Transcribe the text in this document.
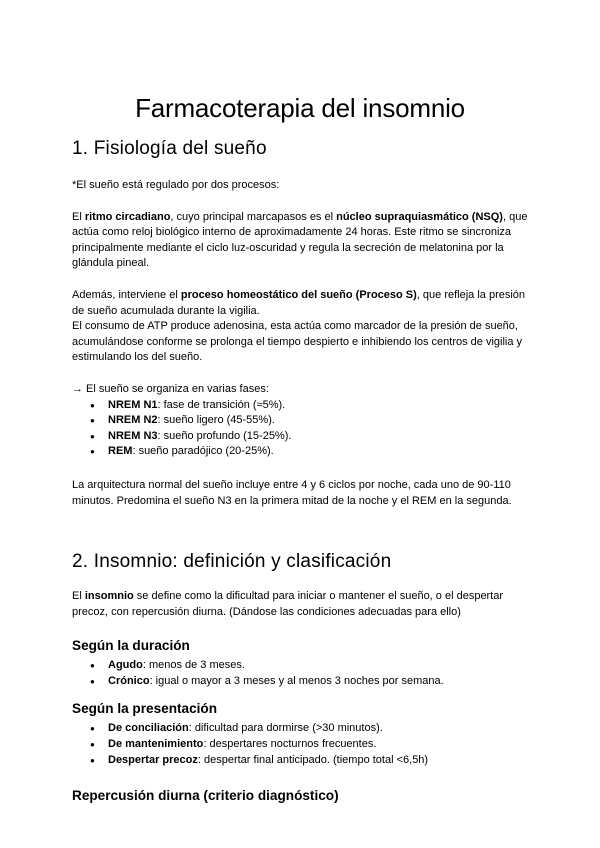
Farmacoterapia del insomnio
1. Fisiología del sueño

*El sueño está regulado por dos procesos:

El ritmo circadiano, cuyo principal marcapasos es el núcleo supraquiasmático (NSQ), que actúa como reloj biológico interno de aproximadamente 24 horas. Este ritmo se sincroniza principalmente mediante el ciclo luz-oscuridad y regula la secreción de melatonina por la glándula pineal.

Además, interviene el proceso homeostático del sueño (Proceso S), que refleja la presión de sueño acumulada durante la vigilia.

El consumo de ATP produce adenosina, esta actúa como marcador de la presión de sueño, acumulándose conforme se prolonga el tiempo despierto e inhibiendo los centros de vigilia y estimulando los del sueño.

→ El sueño se organiza en varias fases:

● NREM N1: fase de transición (≈5%).
● NREM N2: sueño ligero (45-55%).
● NREM N3: sueño profundo (15-25%).
● REM: sueño paradójico (20-25%).

La arquitectura normal del sueño incluye entre 4 y 6 ciclos por noche, cada uno de 90-110 minutos. Predomina el sueño N3 en la primera mitad de la noche y el REM en la segunda.

2. Insomnio: definición y clasificación

El insomnio se define como la dificultad para iniciar o mantener el sueño, o el despertar precoz, con repercusión diurna. (Dándose las condiciones adecuadas para ello)

Según la duración
● Agudo: menos de 3 meses.
● Crónico: igual o mayor a 3 meses y al menos 3 noches por semana.
Según la presentación
● De conciliación: dificultad para dormirse (>30 minutos).
● De mantenimiento: despertares nocturnos frecuentes.
● Despertar precoz: despertar final anticipado. (tiempo total <6,5h)
Repercusión diurna (criterio diagnóstico)
